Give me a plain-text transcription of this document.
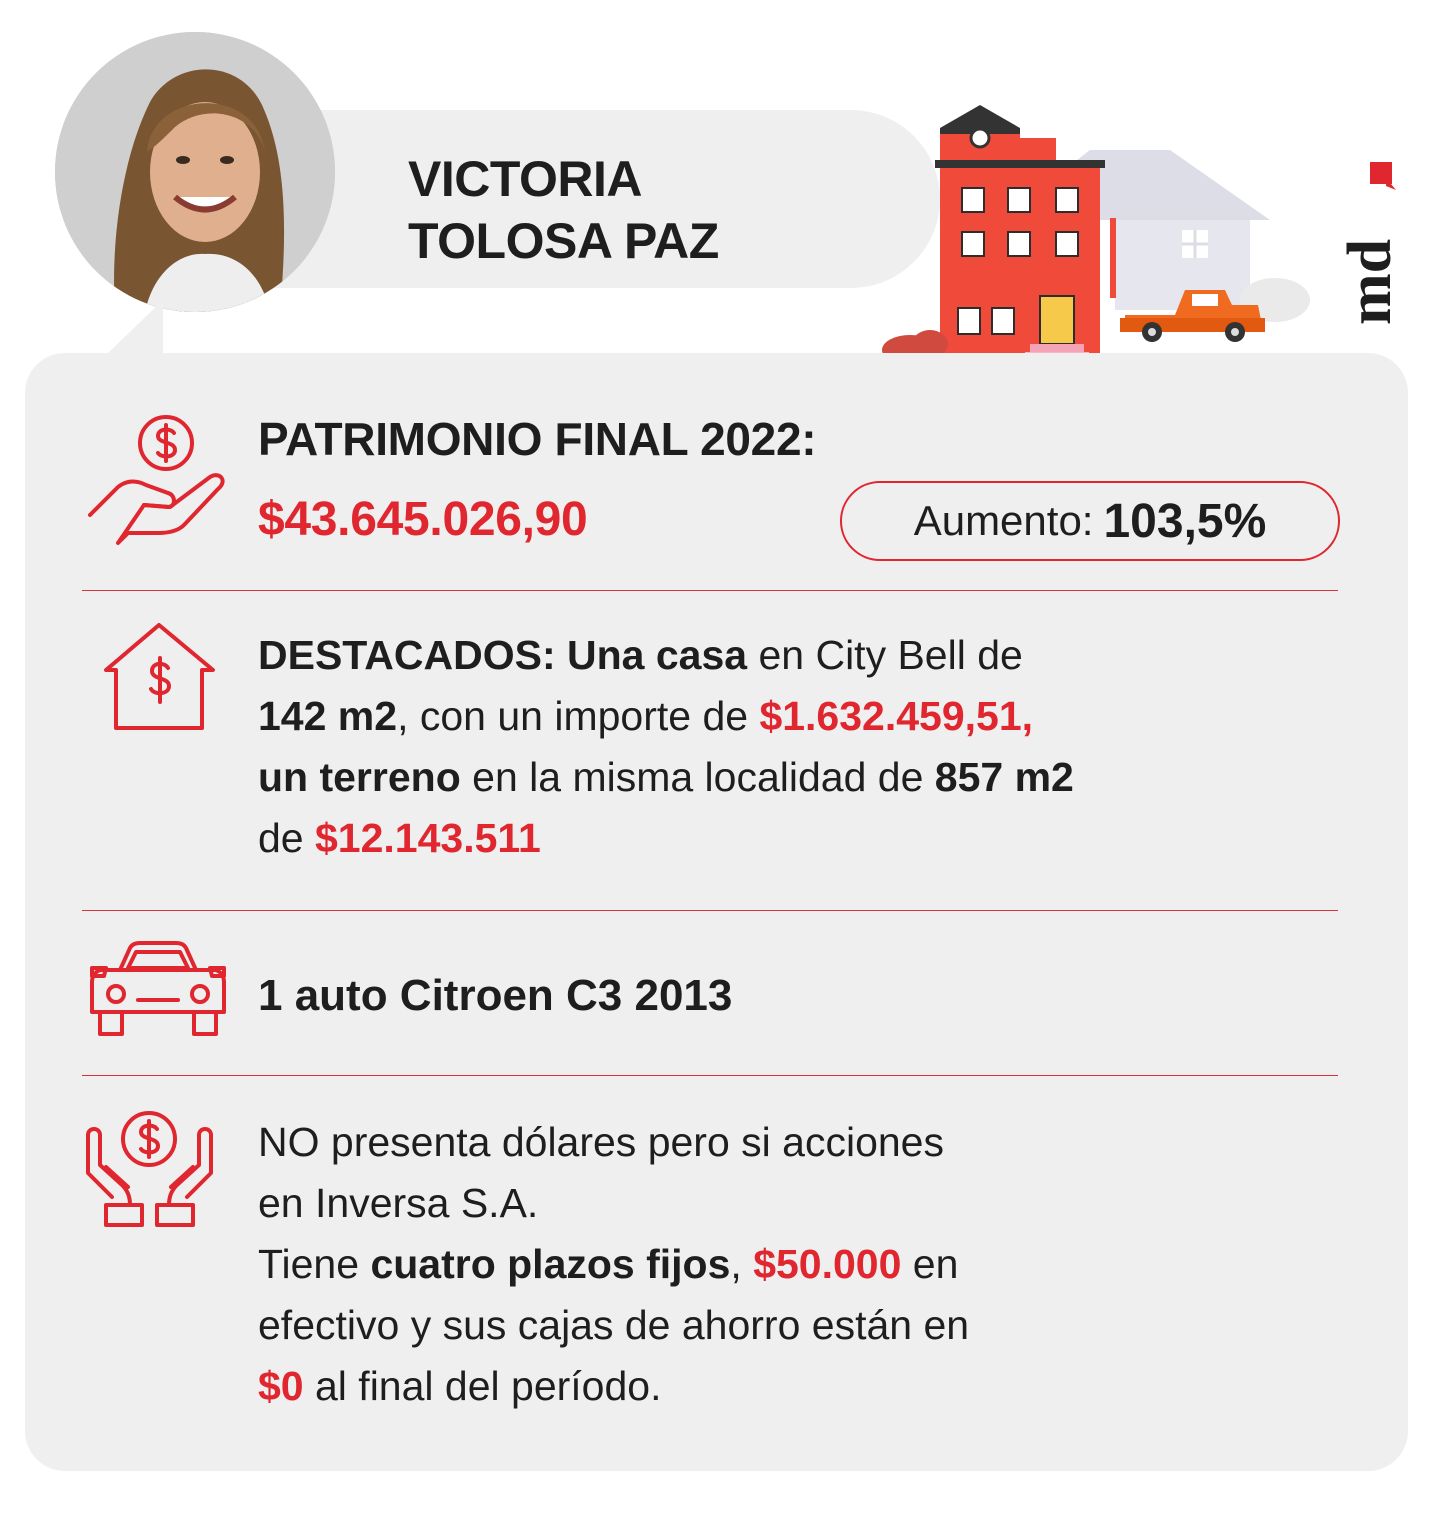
VICTORIA
TOLOSA PAZ	md
z
PATRIMONIO FINAL 2022:
$43.645.026,90	Aumento: 103,5%
DESTACADOS: Una casa en City Bell de
142 m2, con un importe de $1.632.459,51,
un terreno en la misma localidad de 857 m2
de $12.143.511
1 auto Citroen C3 2013
NO presenta dólares pero si acciones
en Inversa S.A.
Tiene cuatro plazos fijos, $50.000 en
efectivo y sus cajas de ahorro están en
$0 al final del período.
